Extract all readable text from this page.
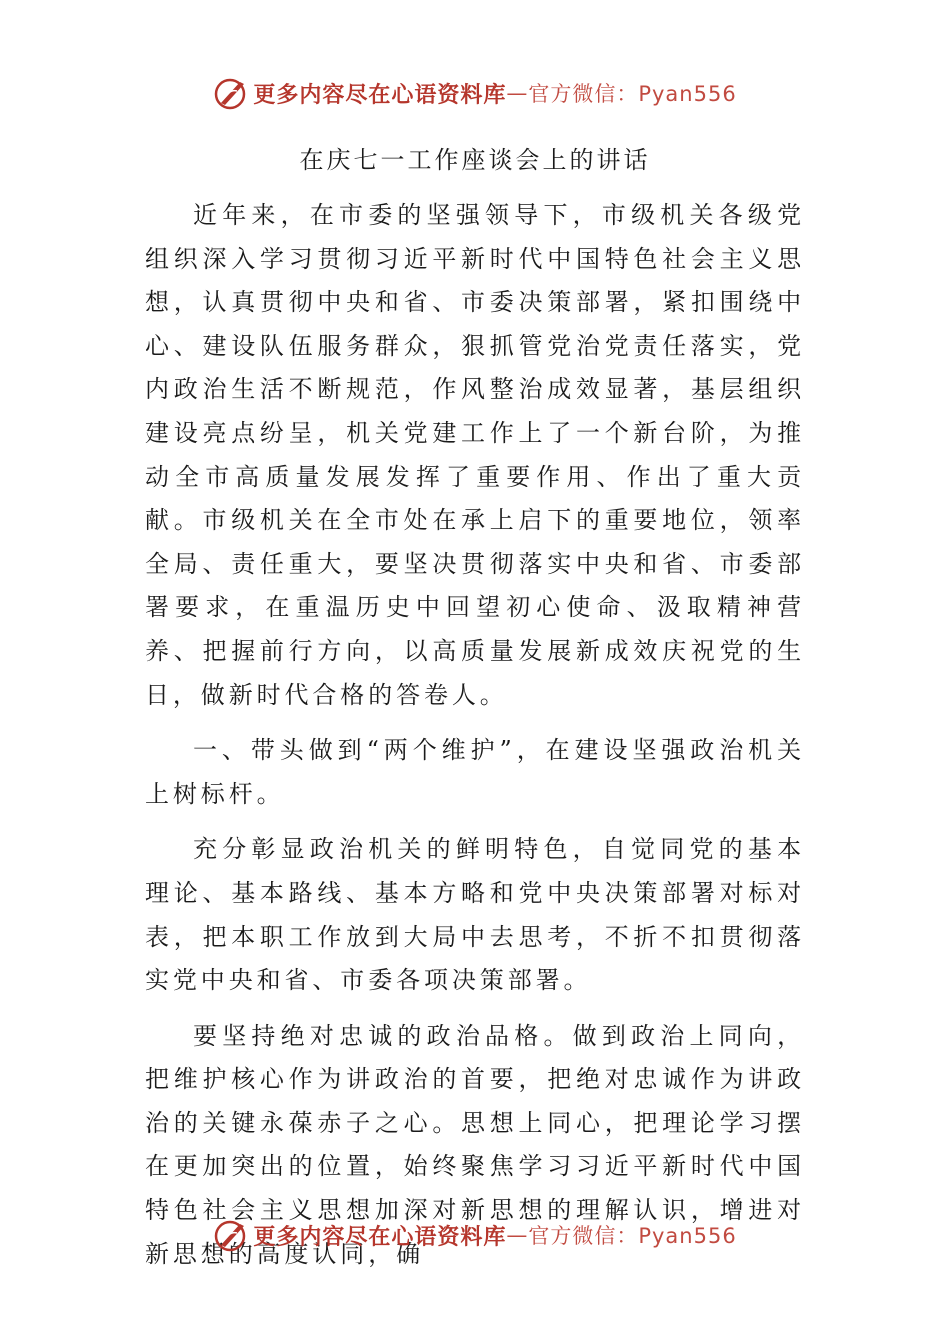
更多内容尽在心语资料库 — 官方微信：Pyan556
在庆七一工作座谈会上的讲话

近年来，在市委的坚强领导下，市级机关各级党组织深入学习贯彻习近平新时代中国特色社会主义思想，认真贯彻中央和省、市委决策部署，紧扣围绕中心、建设队伍服务群众，狠抓管党治党责任落实，党内政治生活不断规范，作风整治成效显著，基层组织建设亮点纷呈，机关党建工作上了一个新台阶，为推动全市高质量发展发挥了重要作用、作出了重大贡献。市级机关在全市处在承上启下的重要地位，领率全局、责任重大，要坚决贯彻落实中央和省、市委部署要求，在重温历史中回望初心使命、汲取精神营养、把握前行方向，以高质量发展新成效庆祝党的生日，做新时代合格的答卷人。

一、带头做到“两个维护”，在建设坚强政治机关上树标杆。

充分彰显政治机关的鲜明特色，自觉同党的基本理论、基本路线、基本方略和党中央决策部署对标对表，把本职工作放到大局中去思考，不折不扣贯彻落实党中央和省、市委各项决策部署。

要坚持绝对忠诚的政治品格。做到政治上同向，把维护核心作为讲政治的首要，把绝对忠诚作为讲政治的关键永葆赤子之心。思想上同心，把理论学习摆在更加突出的位置，始终聚焦学习习近平新时代中国特色社会主义思想加深对新思想的理解认识，增进对新思想的高度认同，确

更多内容尽在心语资料库 — 官方微信：Pyan556
